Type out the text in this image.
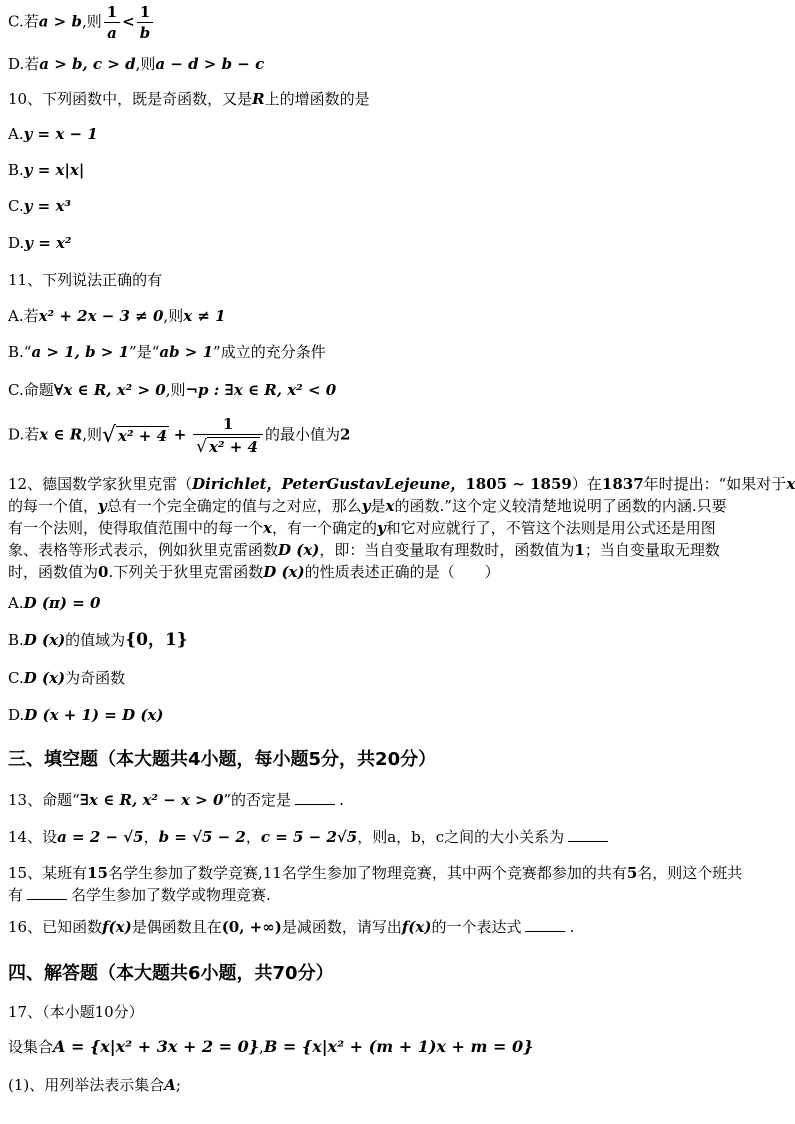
C.若a > b,则 $\frac{1}{a} < \frac{1}{b}$
D.若a > b, c > d,则a − d > b − c
10、下列函数中，既是奇函数，又是R上的增函数的是
A.y = x − 1
B.y = x|x|
C.y = x³
D.y = x²
11、下列说法正确的有
A.若x² + 2x − 3 ≠ 0,则x ≠ 1
B.“a > 1, b > 1”是“ab > 1”成立的充分条件
C.命题∀x ∈ R, x² > 0,则¬p : ∃x ∈ R, x² < 0
D.若x ∈ R,则√ $x^2 + 4 + \frac{1}{\text{√ x² + 4}}$ 的最小值为2
12、德国数学家狄里克雷（Dirichlet，PeterGustavLejeune，1805 ∼ 1859）在1837年时提出：“如果对于x
的每一个值，y总有一个完全确定的值与之对应，那么y是x的函数.”这个定义较清楚地说明了函数的内涵.只要
有一个法则，使得取值范围中的每一个x，有一个确定的y和它对应就行了，不管这个法则是用公式还是用图
象、表格等形式表示，例如狄里克雷函数D (x)，即：当自变量取有理数时，函数值为1；当自变量取无理数
时，函数值为0.下列关于狄里克雷函数D (x)的性质表述正确的是（　　）
A.D (π) = 0
B.D (x)的值域为{0，1}
C.D (x)为奇函数
D.D (x + 1) = D (x)
三、填空题（本大题共4小题，每小题5分，共20分）
13、命题“∃x ∈ R, x² − x > 0”的否定是	.
14、设a = 2 − √5，b = √5 − 2，c = 5 − 2√5，则a，b，c之间的大小关系为
15、某班有15名学生参加了数学竞赛,11名学生参加了物理竞赛，其中两个竞赛都参加的共有5名，则这个班共
有	名学生参加了数学或物理竞赛.
16、已知函数f(x)是偶函数且在(0, +∞)是减函数，请写出f(x)的一个表达式	.
四、解答题（本大题共6小题，共70分）
17、（本小题10分）
设集合A = {x|x² + 3x + 2 = 0},B = {x|x² + (m + 1)x + m = 0}
(1)、用列举法表示集合A;
